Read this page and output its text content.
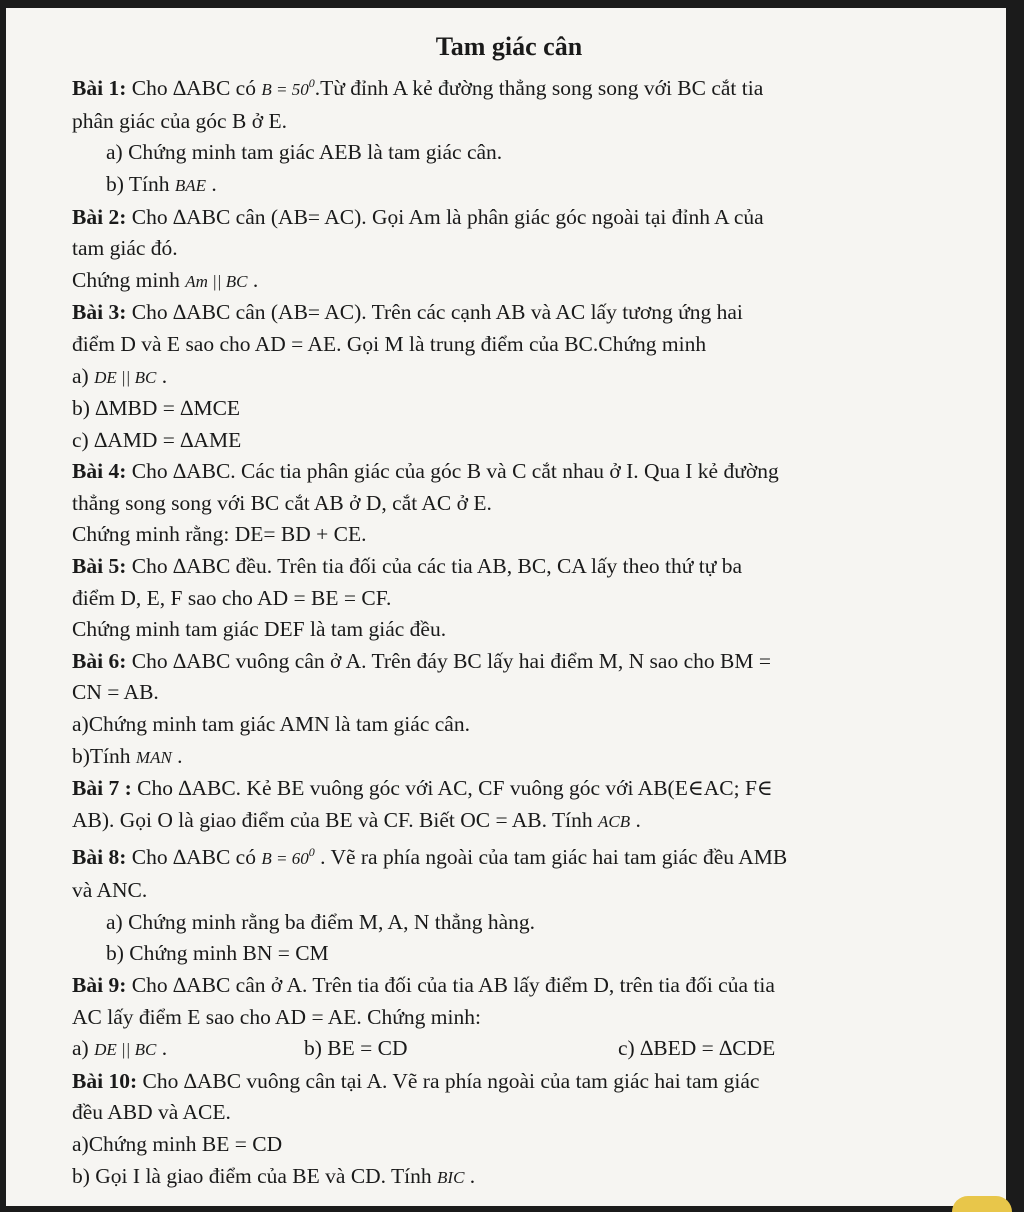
Tam giác cân
Bài 1: Cho ∆ABC có $B = 50^0.Từ$ đỉnh A kẻ đường thẳng song song với BC cắt tia
phân giác của góc B ở E.
a) Chứng minh tam giác AEB là tam giác cân.
b) Tính BAE .
Bài 2: Cho ∆ABC cân (AB= AC). Gọi Am là phân giác góc ngoài tại đỉnh A của
tam giác đó.
Chứng minh Am || BC .
Bài 3: Cho ∆ABC cân (AB= AC). Trên các cạnh AB và AC lấy tương ứng hai
điểm D và E sao cho AD = AE. Gọi M là trung điểm của BC.Chứng minh
a) DE || BC .
b) ∆MBD = ∆MCE
c) ∆AMD = ∆AME
Bài 4: Cho ∆ABC. Các tia phân giác của góc B và C cắt nhau ở I. Qua I kẻ đường
thẳng song song với BC cắt AB ở D, cắt AC ở E.
Chứng minh rằng: DE= BD + CE.
Bài 5: Cho ∆ABC đều. Trên tia đối của các tia AB, BC, CA lấy theo thứ tự ba
điểm D, E, F sao cho AD = BE = CF.
Chứng minh tam giác DEF là tam giác đều.
Bài 6: Cho ∆ABC vuông cân ở A. Trên đáy BC lấy hai điểm M, N sao cho BM =
CN = AB.
a)Chứng minh tam giác AMN là tam giác cân.
b)Tính MAN .
Bài 7 : Cho ∆ABC. Kẻ BE vuông góc với AC, CF vuông góc với AB(E∈AC; F∈
AB). Gọi O là giao điểm của BE và CF. Biết OC = AB. Tính ACB .
Bài 8: Cho ∆ABC có $B = 60^0$ . Vẽ ra phía ngoài của tam giác hai tam giác đều AMB
và ANC.
a) Chứng minh rằng ba điểm M, A, N thẳng hàng.
b) Chứng minh BN = CM
Bài 9: Cho ∆ABC cân ở A. Trên tia đối của tia AB lấy điểm D, trên tia đối của tia
AC lấy điểm E sao cho AD = AE. Chứng minh:
a) DE || BC .	b) BE = CD	c) ∆BED = ∆CDE
Bài 10: Cho ∆ABC vuông cân tại A. Vẽ ra phía ngoài của tam giác hai tam giác
đều ABD và ACE.
a)Chứng minh BE = CD
b) Gọi I là giao điểm của BE và CD. Tính BIC .
